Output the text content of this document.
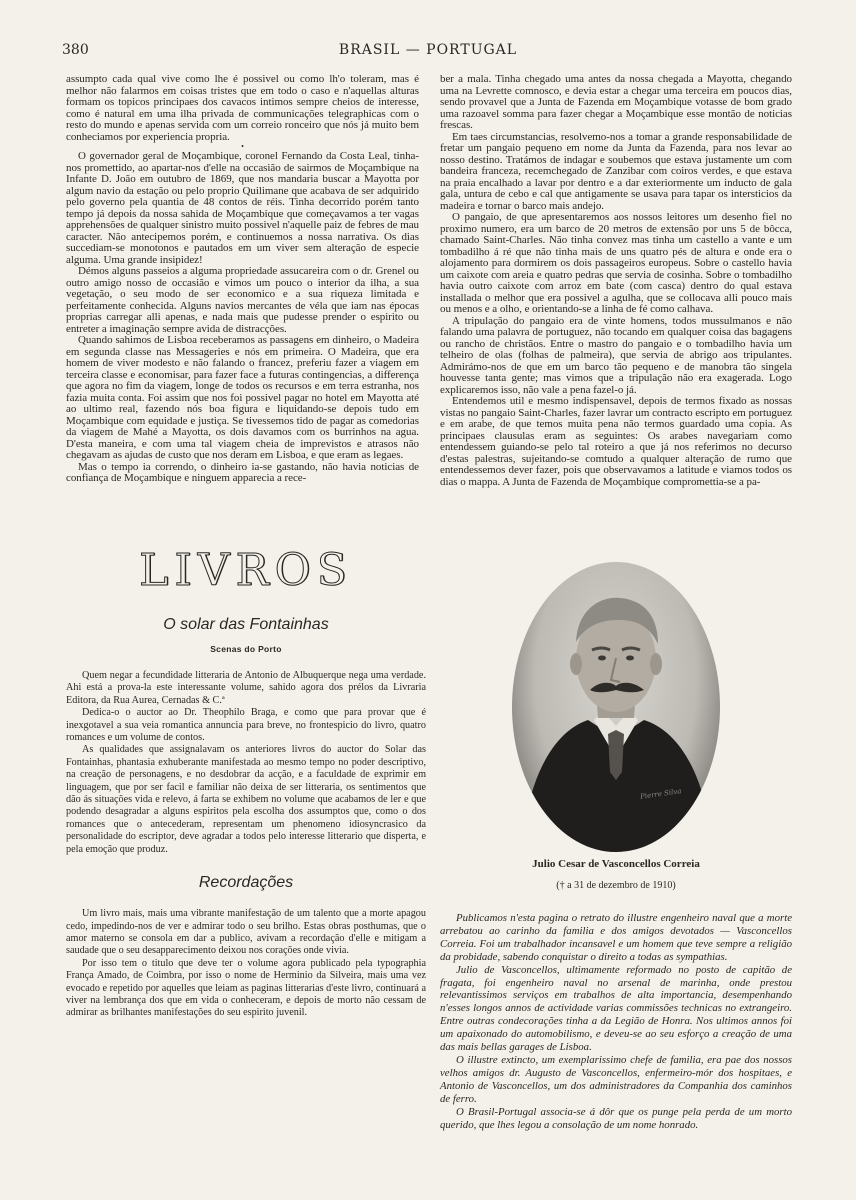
380	BRASIL — PORTUGAL

assumpto cada qual vive como lhe é possivel ou como lh'o toleram, mas é melhor não falarmos em coisas tristes que em todo o caso e n'aquellas alturas formam os topicos principaes dos cavacos intimos sempre cheios de interesse, como é natural em uma ilha privada de communicações telegraphicas com o resto do mundo e apenas servida com um correio ronceiro que nós já muito bem conheciamos por experiencia propria.

•

O governador geral de Moçambique, coronel Fernando da Costa Leal, tinha-nos promettido, ao apartar-nos d'elle na occasião de sairmos de Moçambique na Infante D. João em outubro de 1869, que nos mandaria buscar a Mayotta por algum navio da estação ou pelo proprio Quilimane que acabava de ser adquirido pelo governo pela quantia de 48 contos de réis. Tinha decorrido porém tanto tempo já depois da nossa sahida de Moçambique que começavamos a ter vagas apprehensões de qualquer sinistro muito possivel n'aquelle paiz de febres de mau caracter. Não antecipemos porém, e continuemos a nossa narrativa. Os dias succediam-se monotonos e pautados em um viver sem alteração de especie alguma. Uma grande insipidez!

Démos alguns passeios a alguma propriedade assucareira com o dr. Grenel ou outro amigo nosso de occasião e vimos um pouco o interior da ilha, a sua vegetação, o seu modo de ser economico e a sua riqueza limitada e perfeitamente conhecida. Alguns navios mercantes de véla que iam nas épocas proprias carregar alli apenas, e nada mais que pudesse prender o espirito ou entreter a imaginação sempre avida de distracções.

Quando sahimos de Lisboa receberamos as passagens em dinheiro, o Madeira em segunda classe nas Messageries e nós em primeira. O Madeira, que era homem de viver modesto e não falando o francez, preferiu fazer a viagem em terceira classe e economisar, para fazer face a futuras contingencias, a differença que agora no fim da viagem, longe de todos os recursos e em terra estranha, nos fazia muita conta. Foi assim que nos foi possivel pagar no hotel em Mayotta até ao ultimo real, fazendo nós boa figura e liquidando-se depois tudo em Moçambique com equidade e justiça. Se tivessemos tido de pagar as comedorias da viagem de Mahé a Mayotta, os dois davamos com os burrinhos na agua. D'esta maneira, e com uma tal viagem cheia de imprevistos e atrasos não chegavam as ajudas de custo que nos deram em Lisboa, e que eram as legaes.

Mas o tempo ia correndo, o dinheiro ia-se gastando, não havia noticias de confiança de Moçambique e ninguem apparecia a rece-

ber a mala. Tinha chegado uma antes da nossa chegada a Mayotta, chegando uma na Levrette comnosco, e devia estar a chegar uma terceira em poucos dias, sendo provavel que a Junta de Fazenda em Moçambique votasse de bom grado uma razoavel somma para fazer chegar a Moçambique esse montão de noticias frescas.

Em taes circumstancias, resolvemo-nos a tomar a grande responsabilidade de fretar um pangaio pequeno em nome da Junta da Fazenda, para nos levar ao nosso destino. Tratámos de indagar e soubemos que estava justamente um com bandeira franceza, recemchegado de Zanzibar com coiros verdes, e que estava na praia encalhado a lavar por dentro e a dar exteriormente um inducto de gala gala, untura de cebo e cal que antigamente se usava para tapar os intersticios da madeira e tornar o barco mais andejo.

O pangaio, de que apresentaremos aos nossos leitores um desenho fiel no proximo numero, era um barco de 20 metros de extensão por uns 5 de bôcca, chamado Saint-Charles. Não tinha convez mas tinha um castello a vante e um tombadilho á ré que não tinha mais de uns quatro pés de altura e onde era o alojamento para dormirem os dois passageiros europeus. Sobre o castello havia um caixote com areia e quatro pedras que servia de cosinha. Sobre o tombadilho havia outro caixote com arroz em bate (com casca) dentro do qual estava installada o melhor que era possivel a agulha, que se collocava alli pouco mais ou menos e a olho, e orientando-se a linha de fé como calhava.

A tripulação do pangaio era de vinte homens, todos mussulmanos e não falando uma palavra de portuguez, não tocando em qualquer coisa das bagagens ou rancho de christãos. Entre o mastro do pangaio e o tombadilho havia um telheiro de olas (folhas de palmeira), que servia de abrigo aos tripulantes. Admirámo-nos de que em um barco tão pequeno e de manobra tão singela houvesse tanta gente; mas vimos que a tripulação não era exagerada. Logo explicaremos isso, não vale a pena fazel-o já.

Entendemos util e mesmo indispensavel, depois de termos fixado as nossas vistas no pangaio Saint-Charles, fazer lavrar um contracto escripto em portuguez e em arabe, de que temos muita pena não termos guardado uma copia. As principaes clausulas eram as seguintes: Os arabes navegariam como entendessem guiando-se pelo tal roteiro a que já nos referimos no decurso d'estas palestras, sujeitando-se comtudo a qualquer alteração de rumo que entendessemos dever fazer, pois que observavamos a latitude e viamos todos os dias o mappa. A Junta de Fazenda de Moçambique compromettia-se a pa-

LIVROS
O solar das Fontainhas
Scenas do Porto

Quem negar a fecundidade litteraria de Antonio de Albuquerque nega uma verdade. Ahi está a prova-la este interessante volume, sahido agora dos prélos da Livraria Editora, da Rua Aurea, Cernadas & C.ª

Dedica-o o auctor ao Dr. Theophilo Braga, e como que para provar que é inexgotavel a sua veia romantica annuncia para breve, no frontespicio do livro, quatro romances e um volume de contos.

As qualidades que assignalavam os anteriores livros do auctor do Solar das Fontainhas, phantasia exhuberante manifestada ao mesmo tempo no poder descriptivo, na creação de personagens, e no desdobrar da acção, e a faculdade de exprimir em linguagem, que por ser facil e familiar não deixa de ser litteraria, os sentimentos que dão ás situações vida e relevo, á farta se exhibem no volume que acabamos de ler e que podendo desagradar a alguns espiritos pela escolha dos assumptos que, como o dos romances que o antecederam, representam um phenomeno idiosyncrasico da personalidade do escriptor, deve agradar a todos pelo interesse litterario que disperta, e pela emoção que produz.

Recordações

Um livro mais, mais uma vibrante manifestação de um talento que a morte apagou cedo, impedindo-nos de ver e admirar todo o seu brilho. Estas obras posthumas, que o amor materno se consola em dar a publico, avivam a recordação d'elle e mitigam a saudade que o seu desapparecimento deixou nos corações onde vivia.

Por isso tem o titulo que deve ter o volume agora publicado pela typographia França Amado, de Coimbra, por isso o nome de Herminio da Silveira, mais uma vez evocado e repetido por aquelles que leiam as paginas litterarias d'este livro, continuará a viver na lembrança dos que em vida o conheceram, e depois de morto não cessam de admirar as brilhantes manifestações do seu espirito juvenil.

Pierre Silva
Julio Cesar de Vasconcellos Correia
(† a 31 de dezembro de 1910)

Publicamos n'esta pagina o retrato do illustre engenheiro naval que a morte arrebatou ao carinho da familia e dos amigos devotados — Vasconcellos Correia. Foi um trabalhador incansavel e um homem que teve sempre a religião da probidade, sabendo conquistar o direito a todas as sympathias.

Julio de Vasconcellos, ultimamente reformado no posto de capitão de fragata, foi engenheiro naval no arsenal de marinha, onde prestou relevantissimos serviços em trabalhos de alta importancia, desempenhando n'esses longos annos de actividade varias commissões technicas no extrangeiro. Entre outras condecorações tinha a da Legião de Honra. Nos ultimos annos foi um apaixonado do automobilismo, e deveu-se ao seu esforço a creação de uma das mais bellas garages de Lisboa.

O illustre extincto, um exemplarissimo chefe de familia, era pae dos nossos velhos amigos dr. Augusto de Vasconcellos, enfermeiro-mór dos hospitaes, e Antonio de Vasconcellos, um dos administradores da Companhia dos caminhos de ferro.

O Brasil-Portugal associa-se á dôr que os punge pela perda de um morto querido, que lhes legou a consolação de um nome honrado.
